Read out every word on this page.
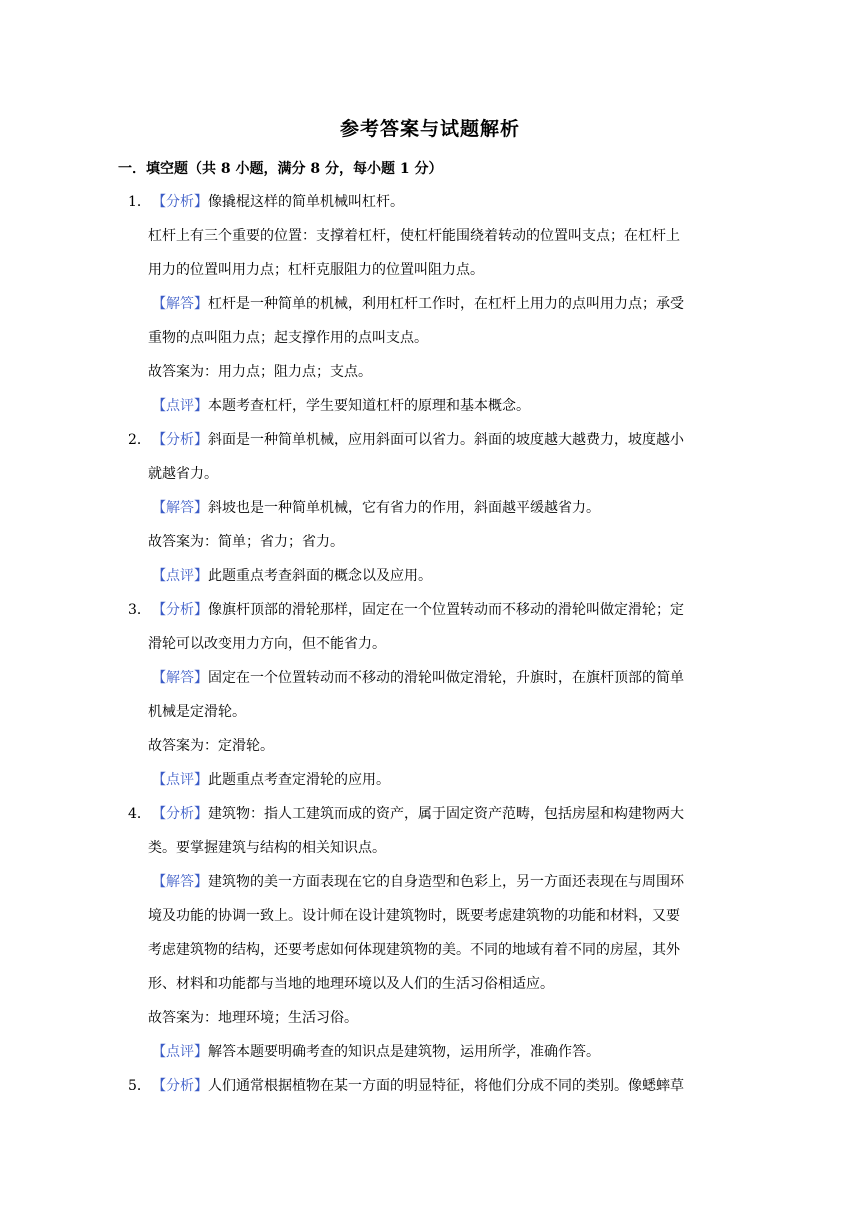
参考答案与试题解析
一．填空题（共 8 小题，满分 8 分，每小题 1 分）
1． 【分析】像撬棍这样的简单机械叫杠杆。
杠杆上有三个重要的位置：支撑着杠杆，使杠杆能围绕着转动的位置叫支点；在杠杆上
用力的位置叫用力点；杠杆克服阻力的位置叫阻力点。
【解答】杠杆是一种简单的机械，利用杠杆工作时，在杠杆上用力的点叫用力点；承受
重物的点叫阻力点；起支撑作用的点叫支点。
故答案为：用力点；阻力点；支点。
【点评】本题考查杠杆，学生要知道杠杆的原理和基本概念。
2． 【分析】斜面是一种简单机械，应用斜面可以省力。斜面的坡度越大越费力，坡度越小
就越省力。
【解答】斜坡也是一种简单机械，它有省力的作用，斜面越平缓越省力。
故答案为：简单；省力；省力。
【点评】此题重点考查斜面的概念以及应用。
3． 【分析】像旗杆顶部的滑轮那样，固定在一个位置转动而不移动的滑轮叫做定滑轮；定
滑轮可以改变用力方向，但不能省力。
【解答】固定在一个位置转动而不移动的滑轮叫做定滑轮，升旗时，在旗杆顶部的简单
机械是定滑轮。
故答案为：定滑轮。
【点评】此题重点考查定滑轮的应用。
4． 【分析】建筑物：指人工建筑而成的资产，属于固定资产范畴，包括房屋和构建物两大
类。要掌握建筑与结构的相关知识点。
【解答】建筑物的美一方面表现在它的自身造型和色彩上，另一方面还表现在与周围环
境及功能的协调一致上。设计师在设计建筑物时，既要考虑建筑物的功能和材料，又要
考虑建筑物的结构，还要考虑如何体现建筑物的美。不同的地域有着不同的房屋，其外
形、材料和功能都与当地的地理环境以及人们的生活习俗相适应。
故答案为：地理环境；生活习俗。
【点评】解答本题要明确考查的知识点是建筑物，运用所学，准确作答。
5． 【分析】人们通常根据植物在某一方面的明显特征，将他们分成不同的类别。像蟋蟀草
